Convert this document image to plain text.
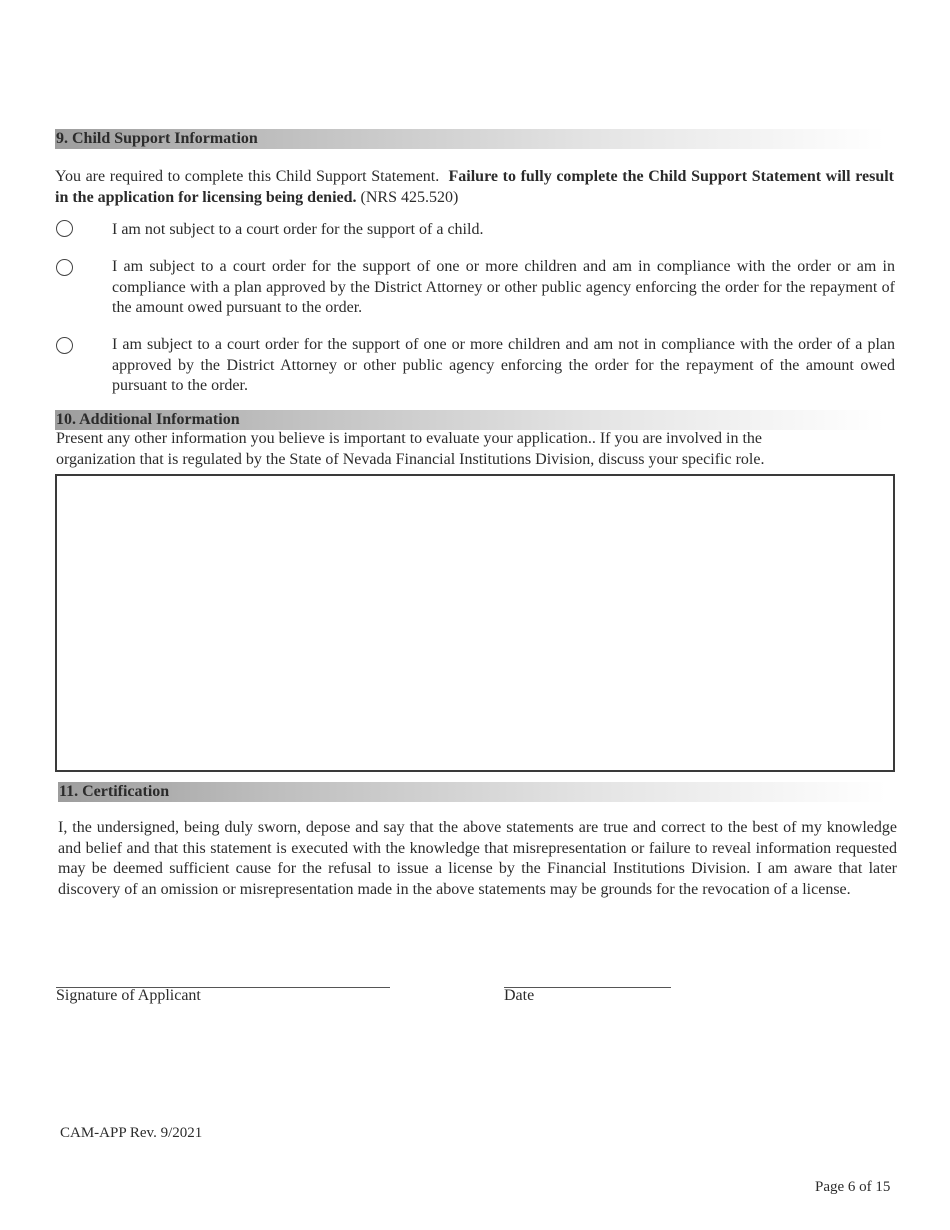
9. Child Support Information
You are required to complete this Child Support Statement. Failure to fully complete the Child Support Statement will result in the application for licensing being denied. (NRS 425.520)
I am not subject to a court order for the support of a child.
I am subject to a court order for the support of one or more children and am in compliance with the order or am in compliance with a plan approved by the District Attorney or other public agency enforcing the order for the repayment of the amount owed pursuant to the order.
I am subject to a court order for the support of one or more children and am not in compliance with the order of a plan approved by the District Attorney or other public agency enforcing the order for the repayment of the amount owed pursuant to the order.
10. Additional Information
Present any other information you believe is important to evaluate your application.. If you are involved in the
organization that is regulated by the State of Nevada Financial Institutions Division, discuss your specific role.
11. Certification
I, the undersigned, being duly sworn, depose and say that the above statements are true and correct to the best of my knowledge and belief and that this statement is executed with the knowledge that misrepresentation or failure to reveal information requested may be deemed sufficient cause for the refusal to issue a license by the Financial Institutions Division. I am aware that later discovery of an omission or misrepresentation made in the above statements may be grounds for the revocation of a license.
Signature of Applicant	Date
CAM-APP Rev. 9/2021
Page 6 of 15
